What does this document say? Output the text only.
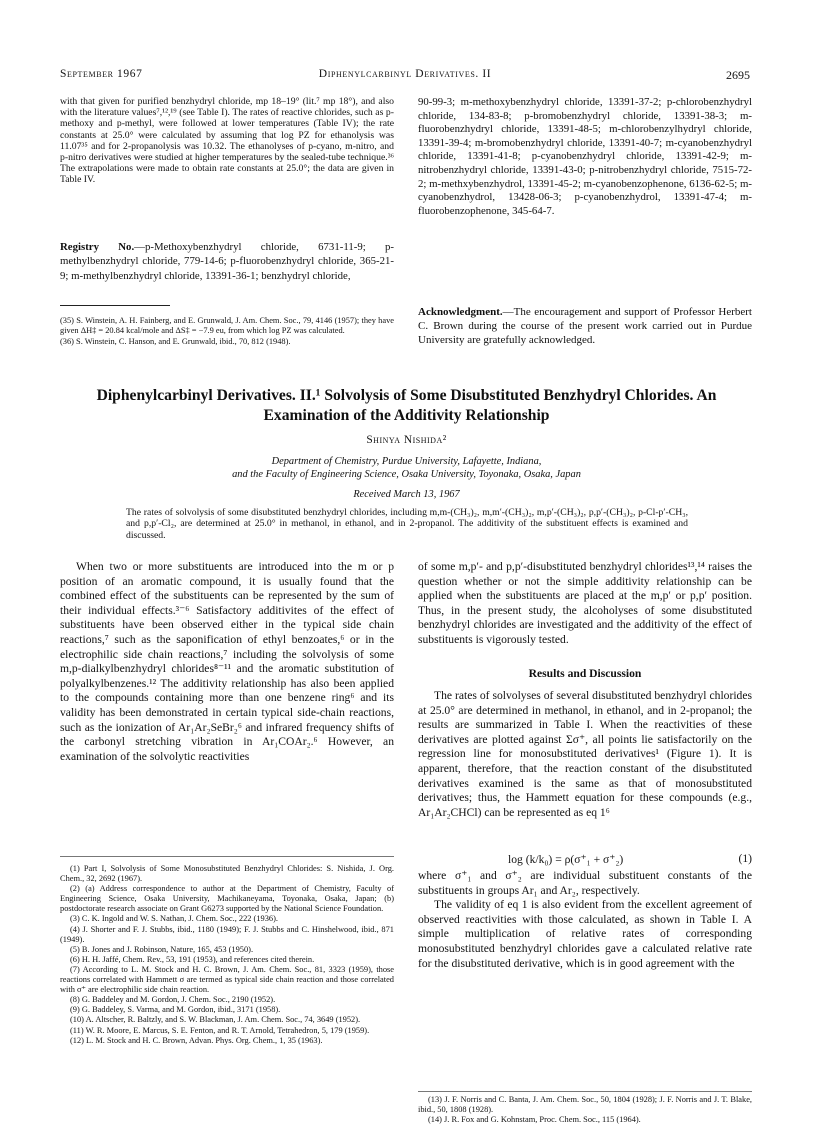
September 1967	Diphenylcarbinyl Derivatives. II	2695

with that given for purified benzhydryl chloride, mp 18–19° (lit.⁷ mp 18°), and also with the literature values⁷,¹²,¹⁹ (see Table I). The rates of reactive chlorides, such as p-methoxy and p-methyl, were followed at lower temperatures (Table IV); the rate constants at 25.0° were calculated by assuming that log PZ for ethanolysis was 11.07³⁵ and for 2-propanolysis was 10.32. The ethanolyses of p-cyano, m-nitro, and p-nitro derivatives were studied at higher temperatures by the sealed-tube technique.³⁶ The extrapolations were made to obtain rate constants at 25.0°; the data are given in Table IV.

Registry No.—p-Methoxybenzhydryl chloride, 6731-11-9; p-methylbenzhydryl chloride, 779-14-6; p-fluorobenzhydryl chloride, 365-21-9; m-methylbenzhydryl chloride, 13391-36-1; benzhydryl chloride,

90-99-3; m-methoxybenzhydryl chloride, 13391-37-2; p-chlorobenzhydryl chloride, 134-83-8; p-bromobenzhydryl chloride, 13391-38-3; m-fluorobenzhydryl chloride, 13391-48-5; m-chlorobenzylhydryl chloride, 13391-39-4; m-bromobenzhydryl chloride, 13391-40-7; m-cyanobenzhydryl chloride, 13391-41-8; p-cyanobenzhydryl chloride, 13391-42-9; m-nitrobenzhydryl chloride, 13391-43-0; p-nitrobenzhydryl chloride, 7515-72-2; m-methxybenzhydrol, 13391-45-2; m-cyanobenzophenone, 6136-62-5; m-cyanobenzhydrol, 13428-06-3; p-cyanobenzhydrol, 13391-47-4; m-fluorobenzophenone, 345-64-7.

(35) S. Winstein, A. H. Fainberg, and E. Grunwald, J. Am. Chem. Soc., 79, 4146 (1957); they have given ΔH‡ = 20.84 kcal/mole and ΔS‡ = −7.9 eu, from which log PZ was calculated.

(36) S. Winstein, C. Hanson, and E. Grunwald, ibid., 70, 812 (1948).

Acknowledgment.—The encouragement and support of Professor Herbert C. Brown during the course of the present work carried out in Purdue University are gratefully acknowledged.

Diphenylcarbinyl Derivatives. II.¹ Solvolysis of Some Disubstituted Benzhydryl Chlorides. An Examination of the Additivity Relationship
Shinya Nishida²
Department of Chemistry, Purdue University, Lafayette, Indiana,
and the Faculty of Engineering Science, Osaka University, Toyonaka, Osaka, Japan
Received March 13, 1967
The rates of solvolysis of some disubstituted benzhydryl chlorides, including m,m-(CH₃)₂, m,m′-(CH₃)₂, m,p′-(CH₃)₂, p,p′-(CH₃)₂, p-Cl-p′-CH₃, and p,p′-Cl₂, are determined at 25.0° in methanol, in ethanol, and in 2-propanol. The additivity of the substituent effects is examined and discussed.

When two or more substituents are introduced into the m or p position of an aromatic compound, it is usually found that the combined effect of the substituents can be represented by the sum of their individual effects.³⁻⁶ Satisfactory additivites of the effect of substituents have been observed either in the typical side chain reactions,⁷ such as the saponification of ethyl benzoates,⁶ or in the electrophilic side chain reactions,⁷ including the solvolysis of some m,p-dialkylbenzhydryl chlorides⁸⁻¹¹ and the aromatic substitution of polyalkylbenzenes.¹² The additivity relationship has also been applied to the compounds containing more than one benzene ring⁶ and its validity has been demonstrated in certain typical side-chain reactions, such as the ionization of Ar₁Ar₂SeBr₂⁶ and infrared frequency shifts of the carbonyl stretching vibration in Ar₁COAr₂.⁶ However, an examination of the solvolytic reactivities

(1) Part I, Solvolysis of Some Monosubstituted Benzhydryl Chlorides: S. Nishida, J. Org. Chem., 32, 2692 (1967).

(2) (a) Address correspondence to author at the Department of Chemistry, Faculty of Engineering Science, Osaka University, Machikaneyama, Toyonaka, Osaka, Japan; (b) postdoctorate research associate on Grant G6273 supported by the National Science Foundation.

(3) C. K. Ingold and W. S. Nathan, J. Chem. Soc., 222 (1936).

(4) J. Shorter and F. J. Stubbs, ibid., 1180 (1949); F. J. Stubbs and C. Hinshelwood, ibid., 871 (1949).

(5) B. Jones and J. Robinson, Nature, 165, 453 (1950).

(6) H. H. Jaffé, Chem. Rev., 53, 191 (1953), and references cited therein.

(7) According to L. M. Stock and H. C. Brown, J. Am. Chem. Soc., 81, 3323 (1959), those reactions correlated with Hammett σ are termed as typical side chain reaction and those correlated with σ⁺ are electrophilic side chain reaction.

(8) G. Baddeley and M. Gordon, J. Chem. Soc., 2190 (1952).

(9) G. Baddeley, S. Varma, and M. Gordon, ibid., 3171 (1958).

(10) A. Altscher, R. Baltzly, and S. W. Blackman, J. Am. Chem. Soc., 74, 3649 (1952).

(11) W. R. Moore, E. Marcus, S. E. Fenton, and R. T. Arnold, Tetrahedron, 5, 179 (1959).

(12) L. M. Stock and H. C. Brown, Advan. Phys. Org. Chem., 1, 35 (1963).

of some m,p′- and p,p′-disubstituted benzhydryl chlorides¹³,¹⁴ raises the question whether or not the simple additivity relationship can be applied when the substituents are placed at the m,p′ or p,p′ position. Thus, in the present study, the alcoholyses of some disubstituted benzhydryl chlorides are investigated and the additivity of the effect of substituents is vigorously tested.

Results and Discussion

The rates of solvolyses of several disubstituted benzhydryl chlorides at 25.0° are determined in methanol, in ethanol, and in 2-propanol; the results are summarized in Table I. When the reactivities of these derivatives are plotted against Σσ⁺, all points lie satisfactorily on the regression line for monosubstituted derivatives¹ (Figure 1). It is apparent, therefore, that the reaction constant of the disubstituted derivatives examined is the same as that of monosubstituted derivatives; thus, the Hammett equation for these compounds (e.g., Ar₁Ar₂CHCl) can be represented as eq 1⁶

log (k/k₀) = ρ(σ⁺₁ + σ⁺₂)	(1)

where σ⁺₁ and σ⁺₂ are individual substituent constants of the substituents in groups Ar₁ and Ar₂, respectively.

The validity of eq 1 is also evident from the excellent agreement of observed reactivities with those calculated, as shown in Table I. A simple multiplication of relative rates of corresponding monosubstituted benzhydryl chlorides gave a calculated relative rate for the disubstituted derivative, which is in good agreement with the

(13) J. F. Norris and C. Banta, J. Am. Chem. Soc., 50, 1804 (1928); J. F. Norris and J. T. Blake, ibid., 50, 1808 (1928).

(14) J. R. Fox and G. Kohnstam, Proc. Chem. Soc., 115 (1964).
